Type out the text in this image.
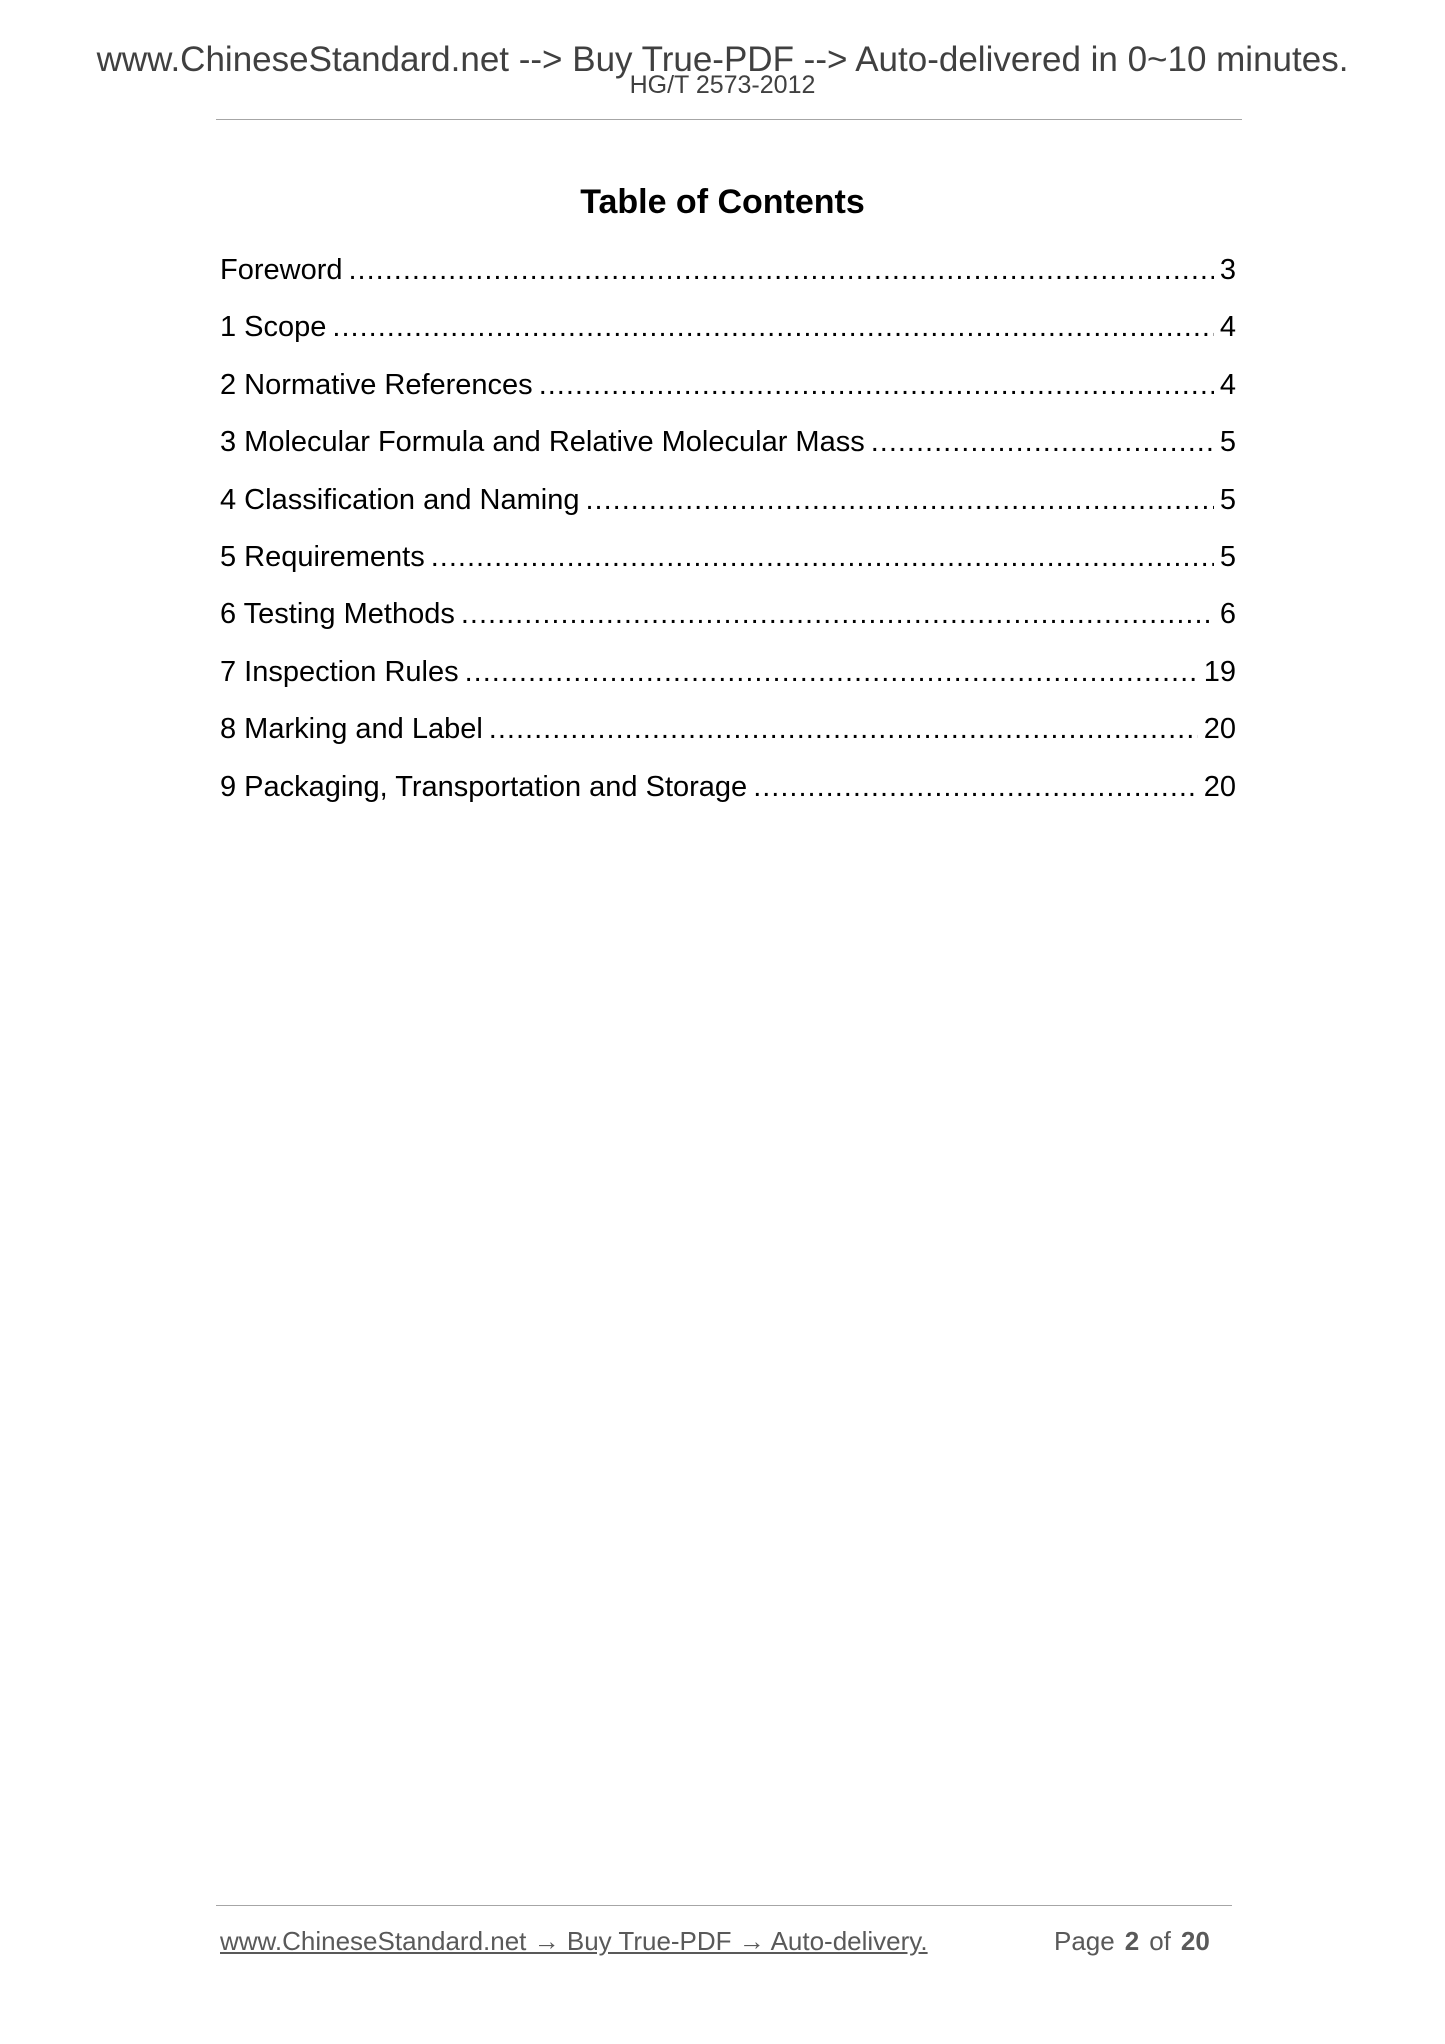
www.ChineseStandard.net --> Buy True-PDF --> Auto-delivered in 0~10 minutes.
HG/T 2573-2012
Table of Contents
Foreword .....	3
1 Scope .....	4
2 Normative References .....	4
3 Molecular Formula and Relative Molecular Mass .....	5
4 Classification and Naming .....	5
5 Requirements .....	5
6 Testing Methods .....	6
7 Inspection Rules .....	19
8 Marking and Label .....	20
9 Packaging, Transportation and Storage .....	20
www.ChineseStandard.net → Buy True-PDF → Auto-delivery.	Page 2 of 20
